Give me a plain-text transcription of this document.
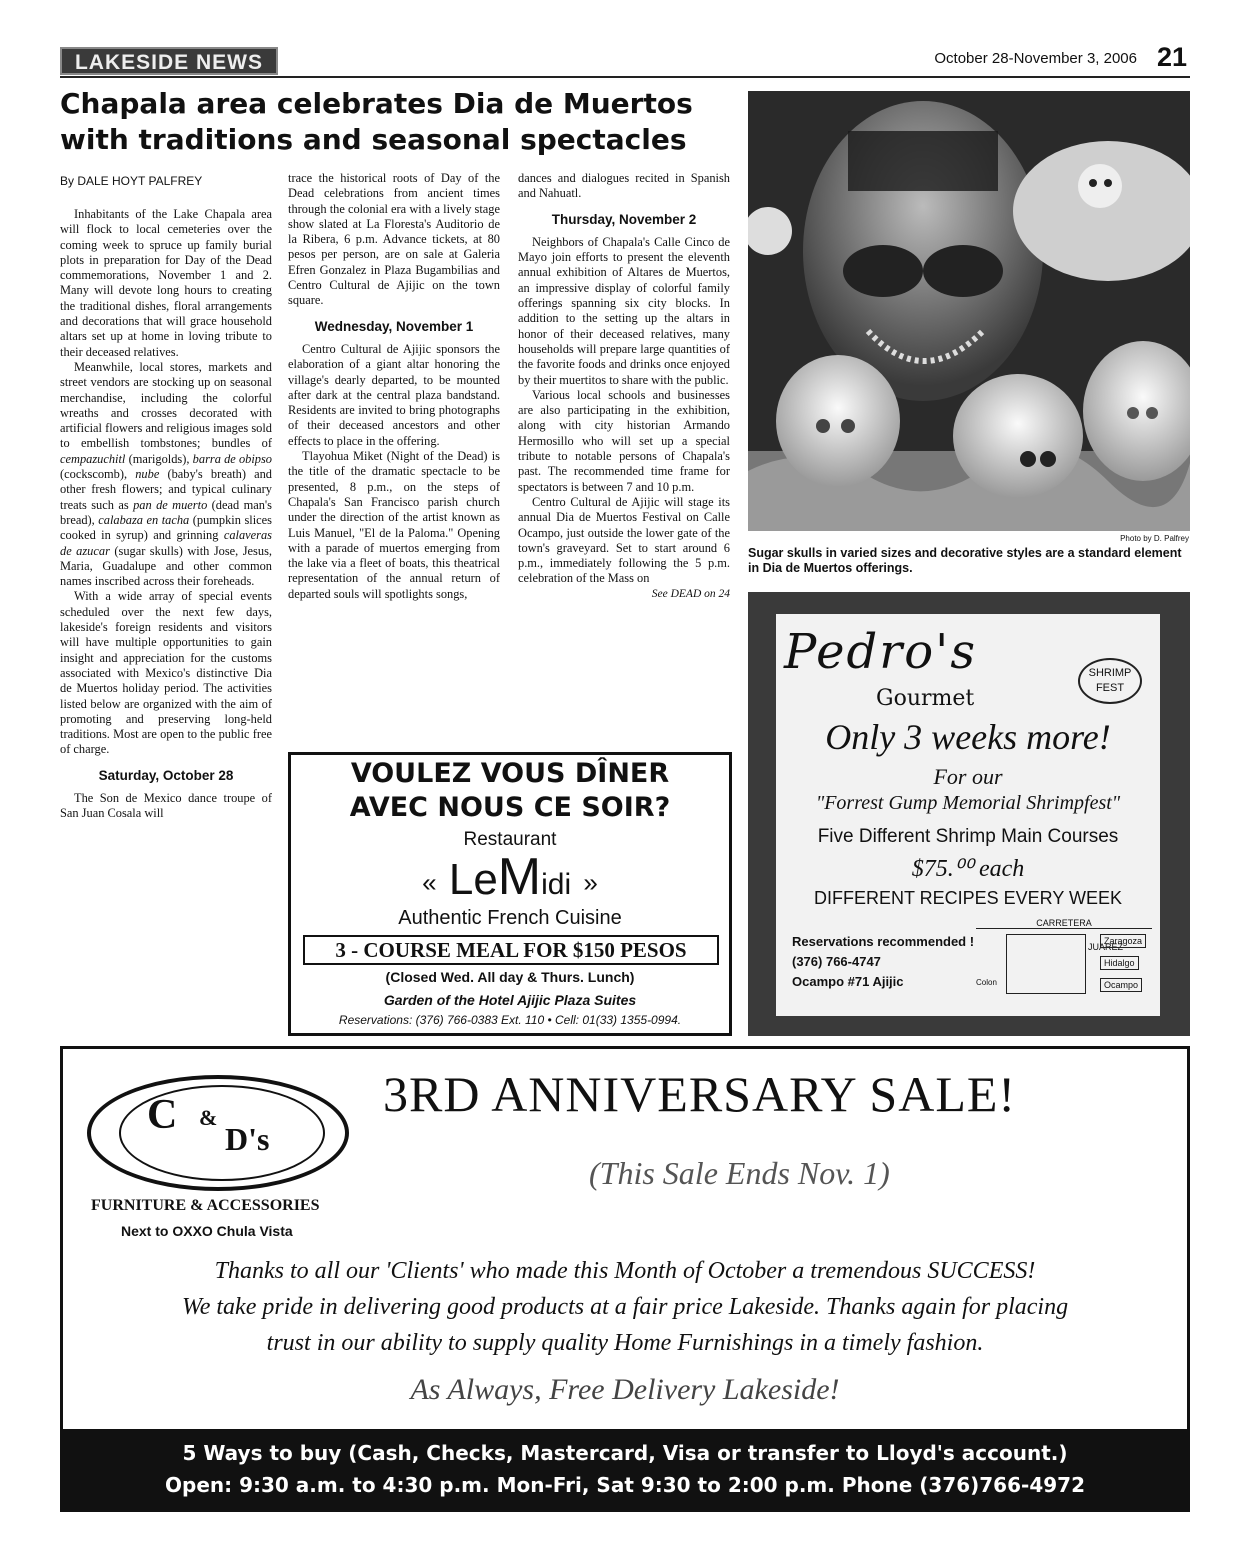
LAKESIDE NEWS	October 28-November 3, 2006 21
Chapala area celebrates Dia de Muertos
with traditions and seasonal spectacles
By DALE HOYT PALFREY

Inhabitants of the Lake Chapala area will flock to local cemeteries over the coming week to spruce up family burial plots in preparation for Day of the Dead commemorations, November 1 and 2. Many will devote long hours to creating the traditional dishes, floral arrangements and decorations that will grace household altars set up at home in loving tribute to their deceased relatives.

Meanwhile, local stores, markets and street vendors are stocking up on seasonal merchandise, including the colorful wreaths and crosses decorated with artificial flowers and religious images sold to embellish tombstones; bundles of cempazuchitl (marigolds), barra de obipso (cockscomb), nube (baby's breath) and other fresh flowers; and typical culinary treats such as pan de muerto (dead man's bread), calabaza en tacha (pumpkin slices cooked in syrup) and grinning calaveras de azucar (sugar skulls) with Jose, Jesus, Maria, Guadalupe and other common names inscribed across their foreheads.

With a wide array of special events scheduled over the next few days, lakeside's foreign residents and visitors will have multiple opportunities to gain insight and appreciation for the customs associated with Mexico's distinctive Dia de Muertos holiday period. The activities listed below are organized with the aim of promoting and preserving long-held traditions. Most are open to the public free of charge.

Saturday, October 28

The Son de Mexico dance troupe of San Juan Cosala will

trace the historical roots of Day of the Dead celebrations from ancient times through the colonial era with a lively stage show slated at La Floresta's Auditorio de la Ribera, 6 p.m. Advance tickets, at 80 pesos per person, are on sale at Galeria Efren Gonzalez in Plaza Bugambilias and Centro Cultural de Ajijic on the town square.

Wednesday, November 1

Centro Cultural de Ajijic sponsors the elaboration of a giant altar honoring the village's dearly departed, to be mounted after dark at the central plaza bandstand. Residents are invited to bring photographs of their deceased ancestors and other effects to place in the offering.

Tlayohua Miket (Night of the Dead) is the title of the dramatic spectacle to be presented, 8 p.m., on the steps of Chapala's San Francisco parish church under the direction of the artist known as Luis Manuel, "El de la Paloma." Opening with a parade of muertos emerging from the lake via a fleet of boats, this theatrical representation of the annual return of departed souls will spotlights songs,

dances and dialogues recited in Spanish and Nahuatl.

Thursday, November 2

Neighbors of Chapala's Calle Cinco de Mayo join efforts to present the eleventh annual exhibition of Altares de Muertos, an impressive display of colorful family offerings spanning six city blocks. In addition to the setting up the altars in honor of their deceased relatives, many households will prepare large quantities of the favorite foods and drinks once enjoyed by their muertitos to share with the public.

Various local schools and businesses are also participating in the exhibition, along with city historian Armando Hermosillo who will set up a special tribute to notable persons of Chapala's past. The recommended time frame for spectators is between 7 and 10 p.m.

Centro Cultural de Ajijic will stage its annual Dia de Muertos Festival on Calle Ocampo, just outside the lower gate of the town's graveyard. Set to start around 6 p.m., immediately following the 5 p.m. celebration of the Mass on

See DEAD on 24

Photo by D. Palfrey
Sugar skulls in varied sizes and decorative styles are a standard element in Dia de Muertos offerings.
Pedro's
Gourmet
SHRIMP
FEST
Only 3 weeks more!
For our
"Forrest Gump Memorial Shrimpfest"
Five Different Shrimp Main Courses
$75.⁰⁰ each
DIFFERENT RECIPES EVERY WEEK
Reservations recommended !
(376) 766-4747
Ocampo #71 Ajijic
CARRETERA
JUAREZ
Zaragoza
Hidalgo
Ocampo
Colon
VOULEZ VOUS DÎNER
AVEC NOUS CE SOIR?
Restaurant
« LeMidi »
Authentic French Cuisine
3 - COURSE MEAL FOR $150 PESOS
(Closed Wed. All day & Thurs. Lunch)
Garden of the Hotel Ajijic Plaza Suites
Reservations: (376) 766-0383 Ext. 110 • Cell: 01(33) 1355-0994.
C &
D's
FURNITURE & ACCESSORIES
Next to OXXO Chula Vista
3RD ANNIVERSARY SALE!
(This Sale Ends Nov. 1)
Thanks to all our 'Clients' who made this Month of October a tremendous SUCCESS!
We take pride in delivering good products at a fair price Lakeside. Thanks again for placing
trust in our ability to supply quality Home Furnishings in a timely fashion.
As Always, Free Delivery Lakeside!
5 Ways to buy (Cash, Checks, Mastercard, Visa or transfer to Lloyd's account.)
Open: 9:30 a.m. to 4:30 p.m. Mon-Fri, Sat 9:30 to 2:00 p.m. Phone (376)766-4972
